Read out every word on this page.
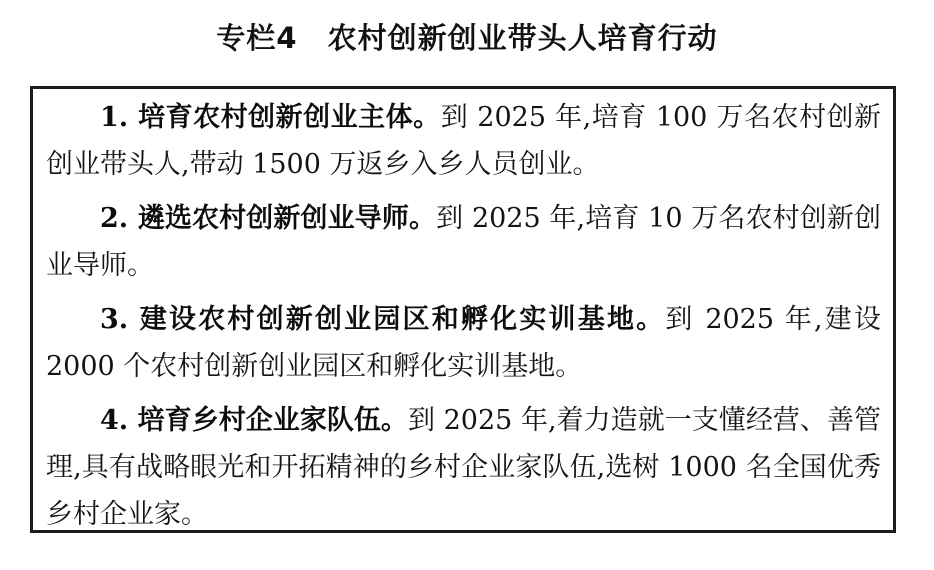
专栏4　农村创新创业带头人培育行动

1. 培育农村创新创业主体。到 2025 年,培育 100 万名农村创新创业带头人,带动 1500 万返乡入乡人员创业。

2. 遴选农村创新创业导师。到 2025 年,培育 10 万名农村创新创业导师。

3. 建设农村创新创业园区和孵化实训基地。到 2025 年,建设 2000 个农村创新创业园区和孵化实训基地。

4. 培育乡村企业家队伍。到 2025 年,着力造就一支懂经营、善管理,具有战略眼光和开拓精神的乡村企业家队伍,选树 1000 名全国优秀乡村企业家。
